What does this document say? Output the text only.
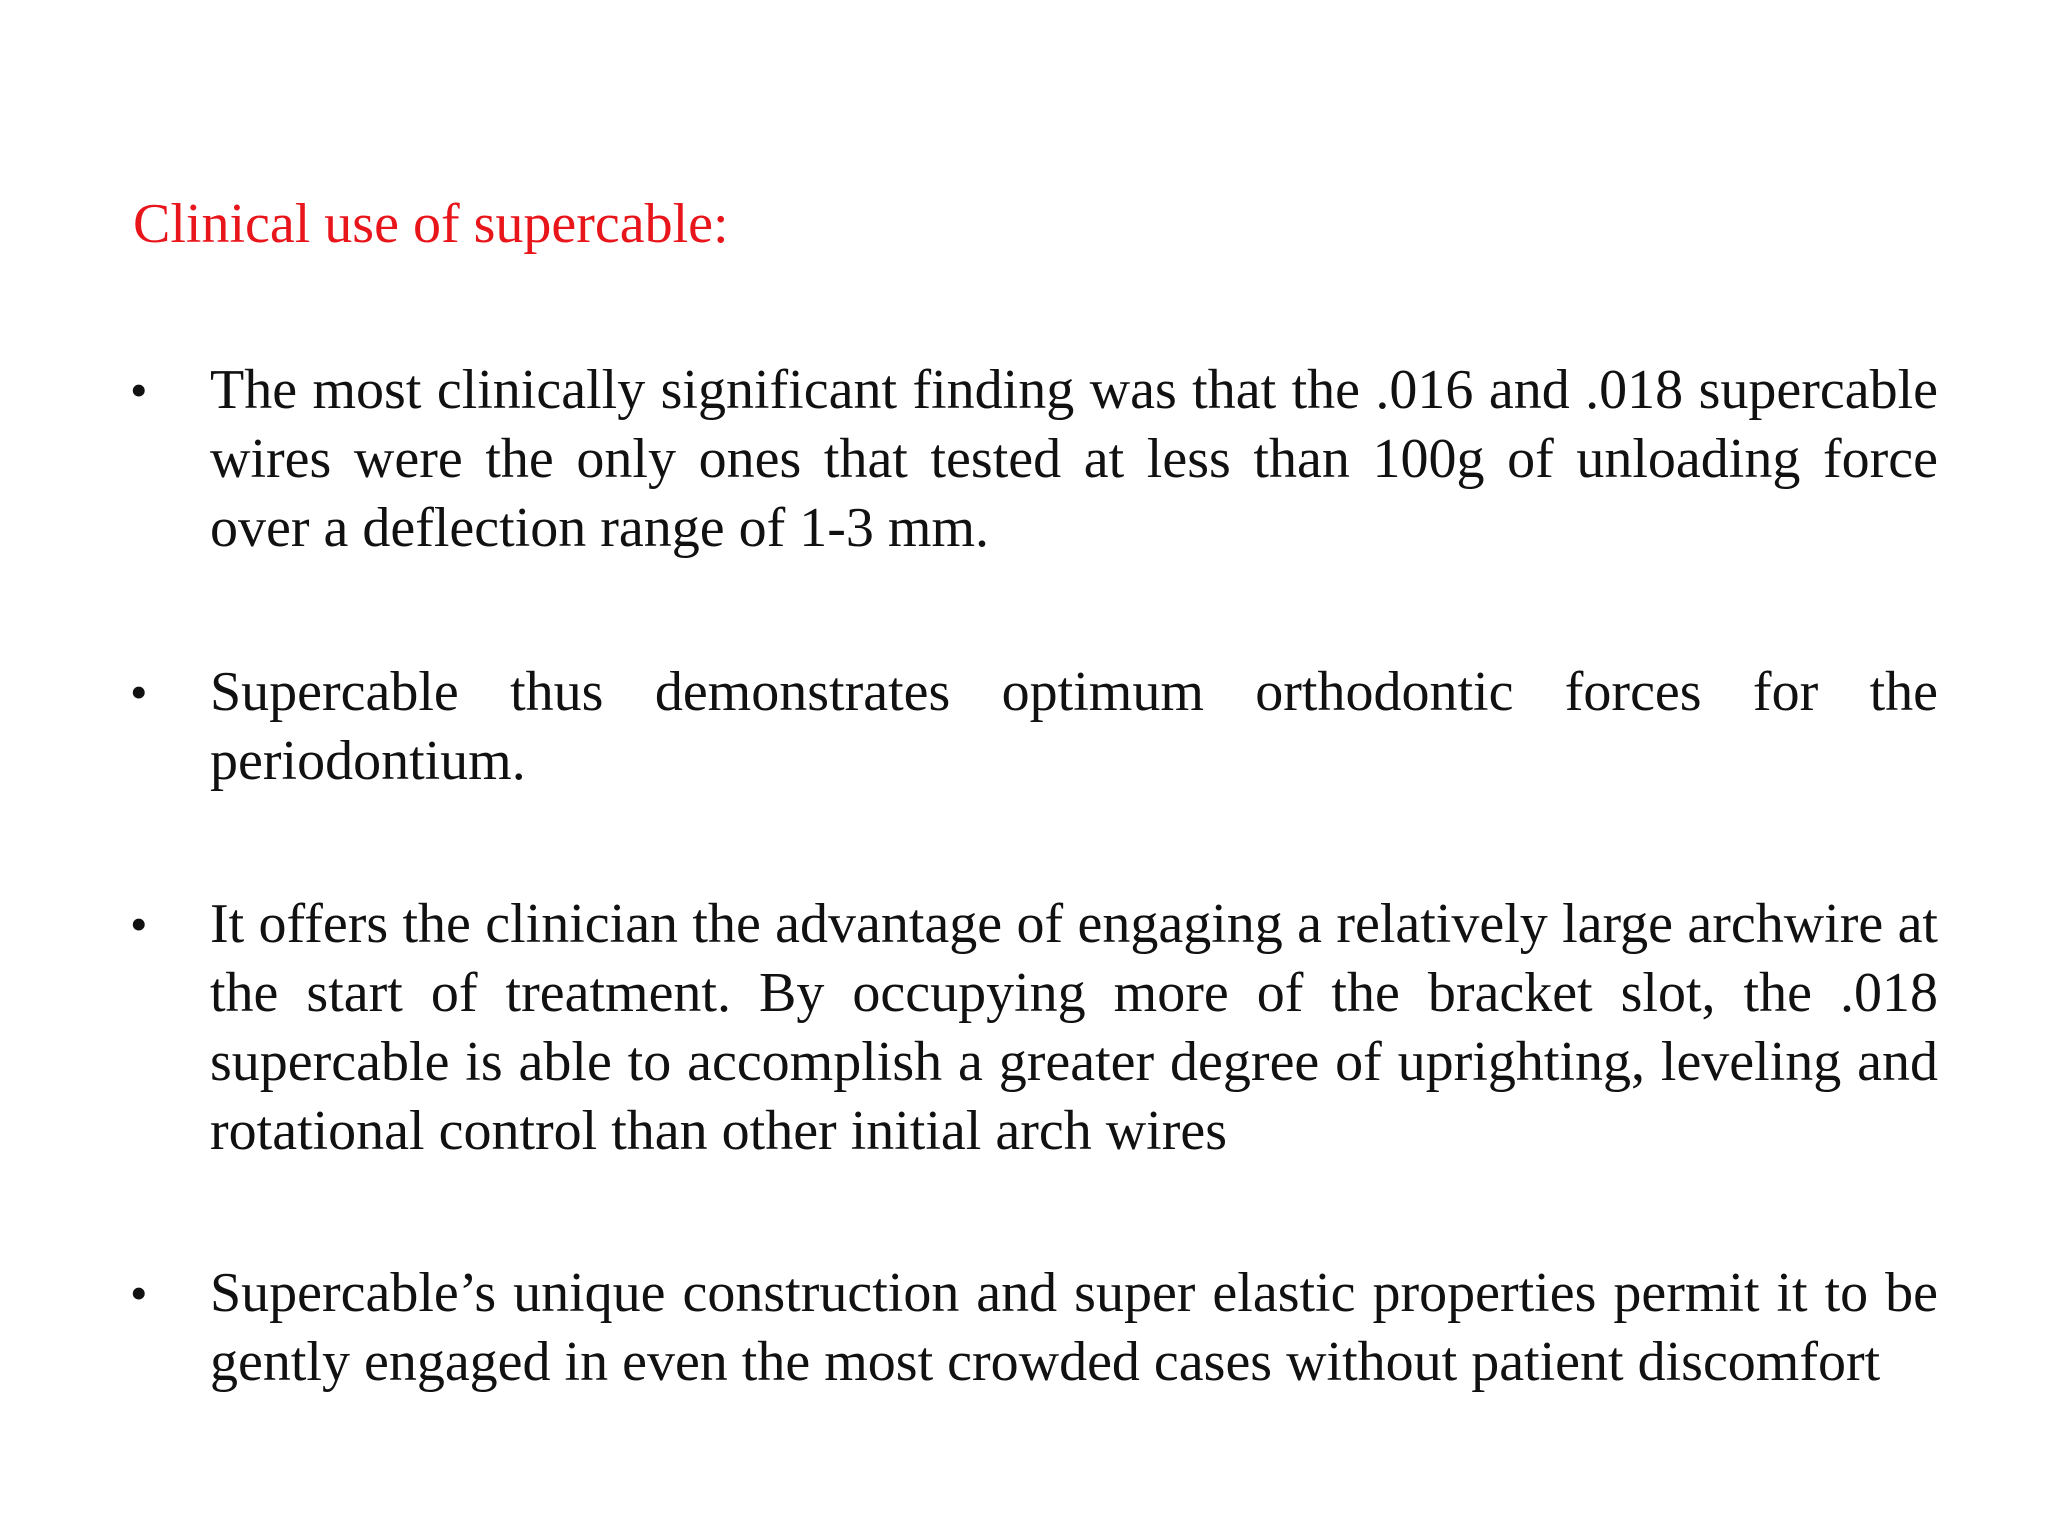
Clinical use of supercable:
• The most clinically significant finding was that the .016 and .018 supercable wires were the only ones that tested at less than 100g of unloading force over a deflection range of 1-3 mm.

• Supercable thus demonstrates optimum orthodontic forces for the periodontium.

• It offers the clinician the advantage of engaging a relatively large archwire at the start of treatment. By occupying more of the bracket slot, the .018 supercable is able to accomplish a greater degree of uprighting, leveling and rotational control than other initial arch wires

• Supercable’s unique construction and super elastic properties permit it to be gently engaged in even the most crowded cases without patient discomfort
